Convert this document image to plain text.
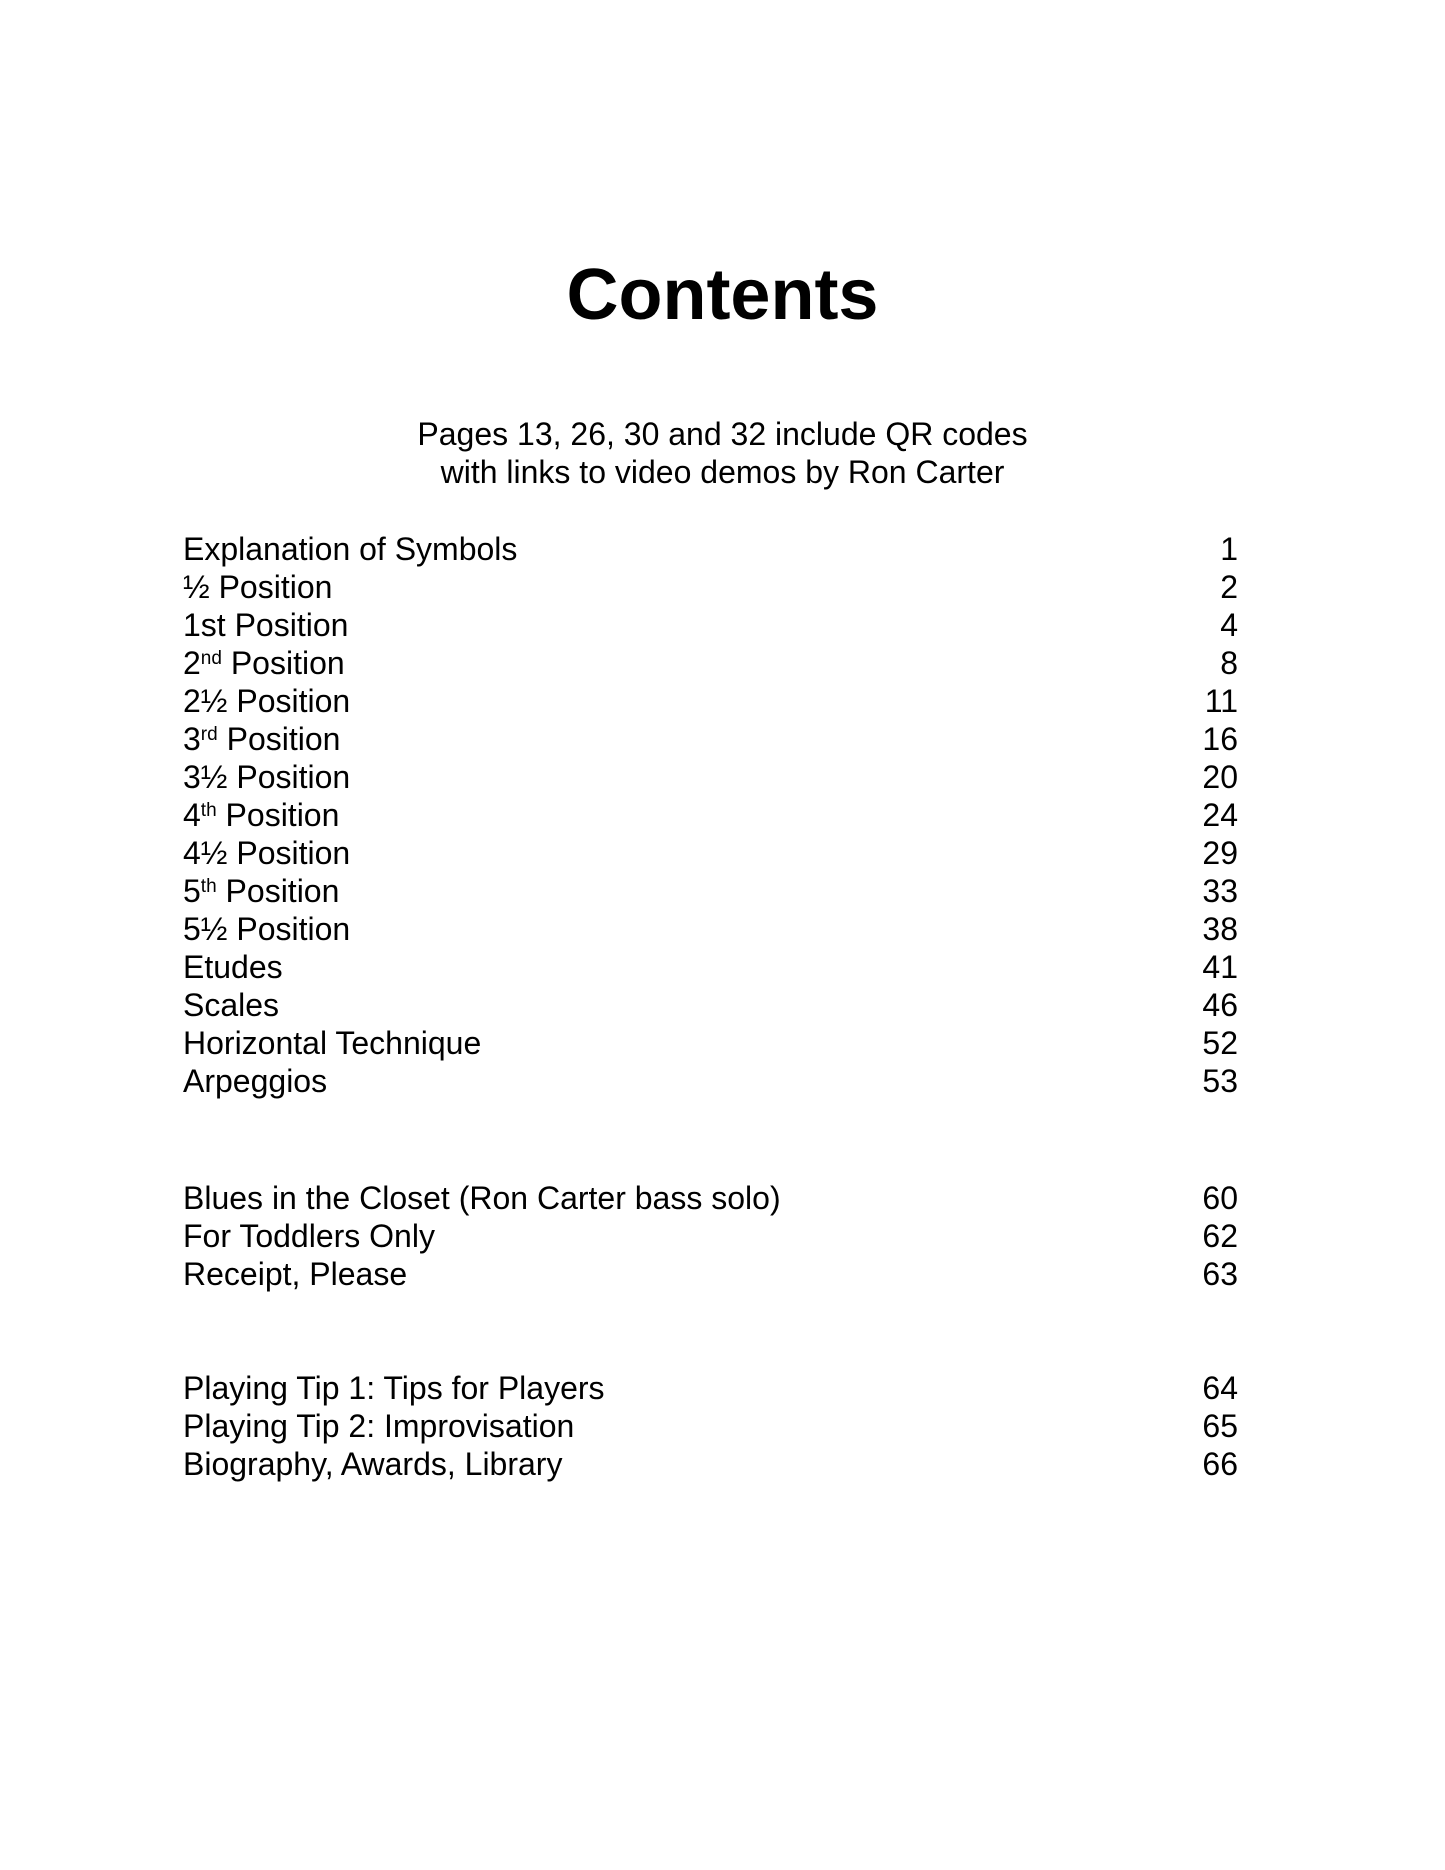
Contents
Pages 13, 26, 30 and 32 include QR codes
with links to video demos by Ron Carter
Explanation of Symbols	1
½ Position	2
1st Position	4
2nd Position	8
2½ Position	11
3rd Position	16
3½ Position	20
4th Position	24
4½ Position	29
5th Position	33
5½ Position	38
Etudes	41
Scales	46
Horizontal Technique	52
Arpeggios	53
Blues in the Closet (Ron Carter bass solo)	60
For Toddlers Only	62
Receipt, Please	63
Playing Tip 1: Tips for Players	64
Playing Tip 2: Improvisation	65
Biography, Awards, Library	66
